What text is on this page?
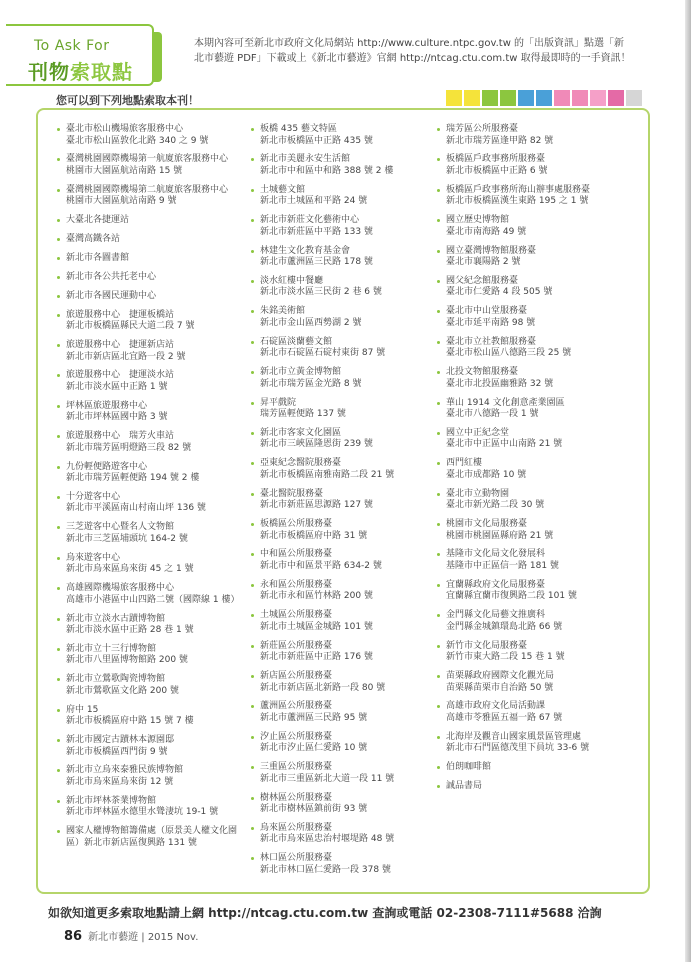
To Ask For
刊物索取點
本期內容可至新北市政府文化局網站 http://www.culture.ntpc.gov.tw 的「出版資訊」點選「新北市藝遊 PDF」下載或上《新北市藝遊》官網 http://ntcag.ctu.com.tw 取得最即時的一手資訊！
您可以到下列地點索取本刊！
臺北市松山機場旅客服務中心
臺北市松山區敦化北路 340 之 9 號
臺灣桃園國際機場第一航廈旅客服務中心
桃園市大園區航站南路 15 號
臺灣桃園國際機場第二航廈旅客服務中心
桃園市大園區航站南路 9 號
大臺北各捷運站
臺灣高鐵各站
新北市各圖書館
新北市各公共托老中心
新北市各國民運動中心
旅遊服務中心　捷運板橋站
新北市板橋區縣民大道二段 7 號
旅遊服務中心　捷運新店站
新北市新店區北宜路一段 2 號
旅遊服務中心　捷運淡水站
新北市淡水區中正路 1 號
坪林區旅遊服務中心
新北市坪林區國中路 3 號
旅遊服務中心　瑞芳火車站
新北市瑞芳區明燈路三段 82 號
九份輕便路遊客中心
新北市瑞芳區輕便路 194 號 2 樓
十分遊客中心
新北市平溪區南山村南山坪 136 號
三芝遊客中心暨名人文物館
新北市三芝區埔頭坑 164-2 號
烏來遊客中心
新北市烏來區烏來街 45 之 1 號
高雄國際機場旅客服務中心
高雄市小港區中山四路二號（國際線 1 樓）
新北市立淡水古蹟博物館
新北市淡水區中正路 28 巷 1 號
新北市立十三行博物館
新北市八里區博物館路 200 號
新北市立鶯歌陶瓷博物館
新北市鶯歌區文化路 200 號
府中 15
新北市板橋區府中路 15 號 7 樓
新北市國定古蹟林本源園邸
新北市板橋區西門街 9 號
新北市立烏來泰雅民族博物館
新北市烏來區烏來街 12 號
新北市坪林茶業博物館
新北市坪林區水德里水聳淒坑 19-1 號
國家人權博物館籌備處（原景美人權文化園區）新北市新店區復興路 131 號
板橋 435 藝文特區
新北市板橋區中正路 435 號
新北市美麗永安生活館
新北市中和區中和路 388 號 2 樓
土城藝文館
新北市土城區和平路 24 號
新北市新莊文化藝術中心
新北市新莊區中平路 133 號
林建生文化教育基金會
新北市蘆洲區三民路 178 號
淡水紅樓中餐廳
新北市淡水區三民街 2 巷 6 號
朱銘美術館
新北市金山區西勢湖 2 號
石碇區淡蘭藝文館
新北市石碇區石碇村東街 87 號
新北市立黃金博物館
新北市瑞芳區金光路 8 號
昇平戲院
瑞芳區輕便路 137 號
新北市客家文化園區
新北市三峽區隆恩街 239 號
亞東紀念醫院服務臺
新北市板橋區南雅南路二段 21 號
臺北醫院服務臺
新北市新莊區思源路 127 號
板橋區公所服務臺
新北市板橋區府中路 31 號
中和區公所服務臺
新北市中和區景平路 634-2 號
永和區公所服務臺
新北市永和區竹林路 200 號
土城區公所服務臺
新北市土城區金城路 101 號
新莊區公所服務臺
新北市新莊區中正路 176 號
新店區公所服務臺
新北市新店區北新路一段 80 號
蘆洲區公所服務臺
新北市蘆洲區三民路 95 號
汐止區公所服務臺
新北市汐止區仁愛路 10 號
三重區公所服務臺
新北市三重區新北大道一段 11 號
樹林區公所服務臺
新北市樹林區鎮前街 93 號
烏來區公所服務臺
新北市烏來區忠治村堰堤路 48 號
林口區公所服務臺
新北市林口區仁愛路一段 378 號
瑞芳區公所服務臺
新北市瑞芳區逢甲路 82 號
板橋區戶政事務所服務臺
新北市板橋區中正路 6 號
板橋區戶政事務所海山辦事處服務臺
新北市板橋區漢生東路 195 之 1 號
國立歷史博物館
臺北市南海路 49 號
國立臺灣博物館服務臺
臺北市襄陽路 2 號
國父紀念館服務臺
臺北市仁愛路 4 段 505 號
臺北市中山堂服務臺
臺北市延平南路 98 號
臺北市立社教館服務臺
臺北市松山區八德路三段 25 號
北投文物館服務臺
臺北市北投區幽雅路 32 號
華山 1914 文化創意產業園區
臺北市八德路一段 1 號
國立中正紀念堂
臺北市中正區中山南路 21 號
西門紅樓
臺北市成都路 10 號
臺北市立動物園
臺北市新光路二段 30 號
桃園市文化局服務臺
桃園市桃園區縣府路 21 號
基隆市文化局文化發展科
基隆市中正區信一路 181 號
宜蘭縣政府文化局服務臺
宜蘭縣宜蘭市復興路二段 101 號
金門縣文化局藝文推廣科
金門縣金城鎮環島北路 66 號
新竹市文化局服務臺
新竹市東大路二段 15 巷 1 號
苗栗縣政府國際文化觀光局
苗栗縣苗栗市自治路 50 號
高雄市政府文化局活動課
高雄市苓雅區五福一路 67 號
北海岸及觀音山國家風景區管理處
新北市石門區德茂里下員坑 33-6 號
伯朗咖啡館
誠品書局
如欲知道更多索取地點請上網 http://ntcag.ctu.com.tw 查詢或電話 02-2308-7111#5688 洽詢
86 新北市藝遊 | 2015 Nov.
